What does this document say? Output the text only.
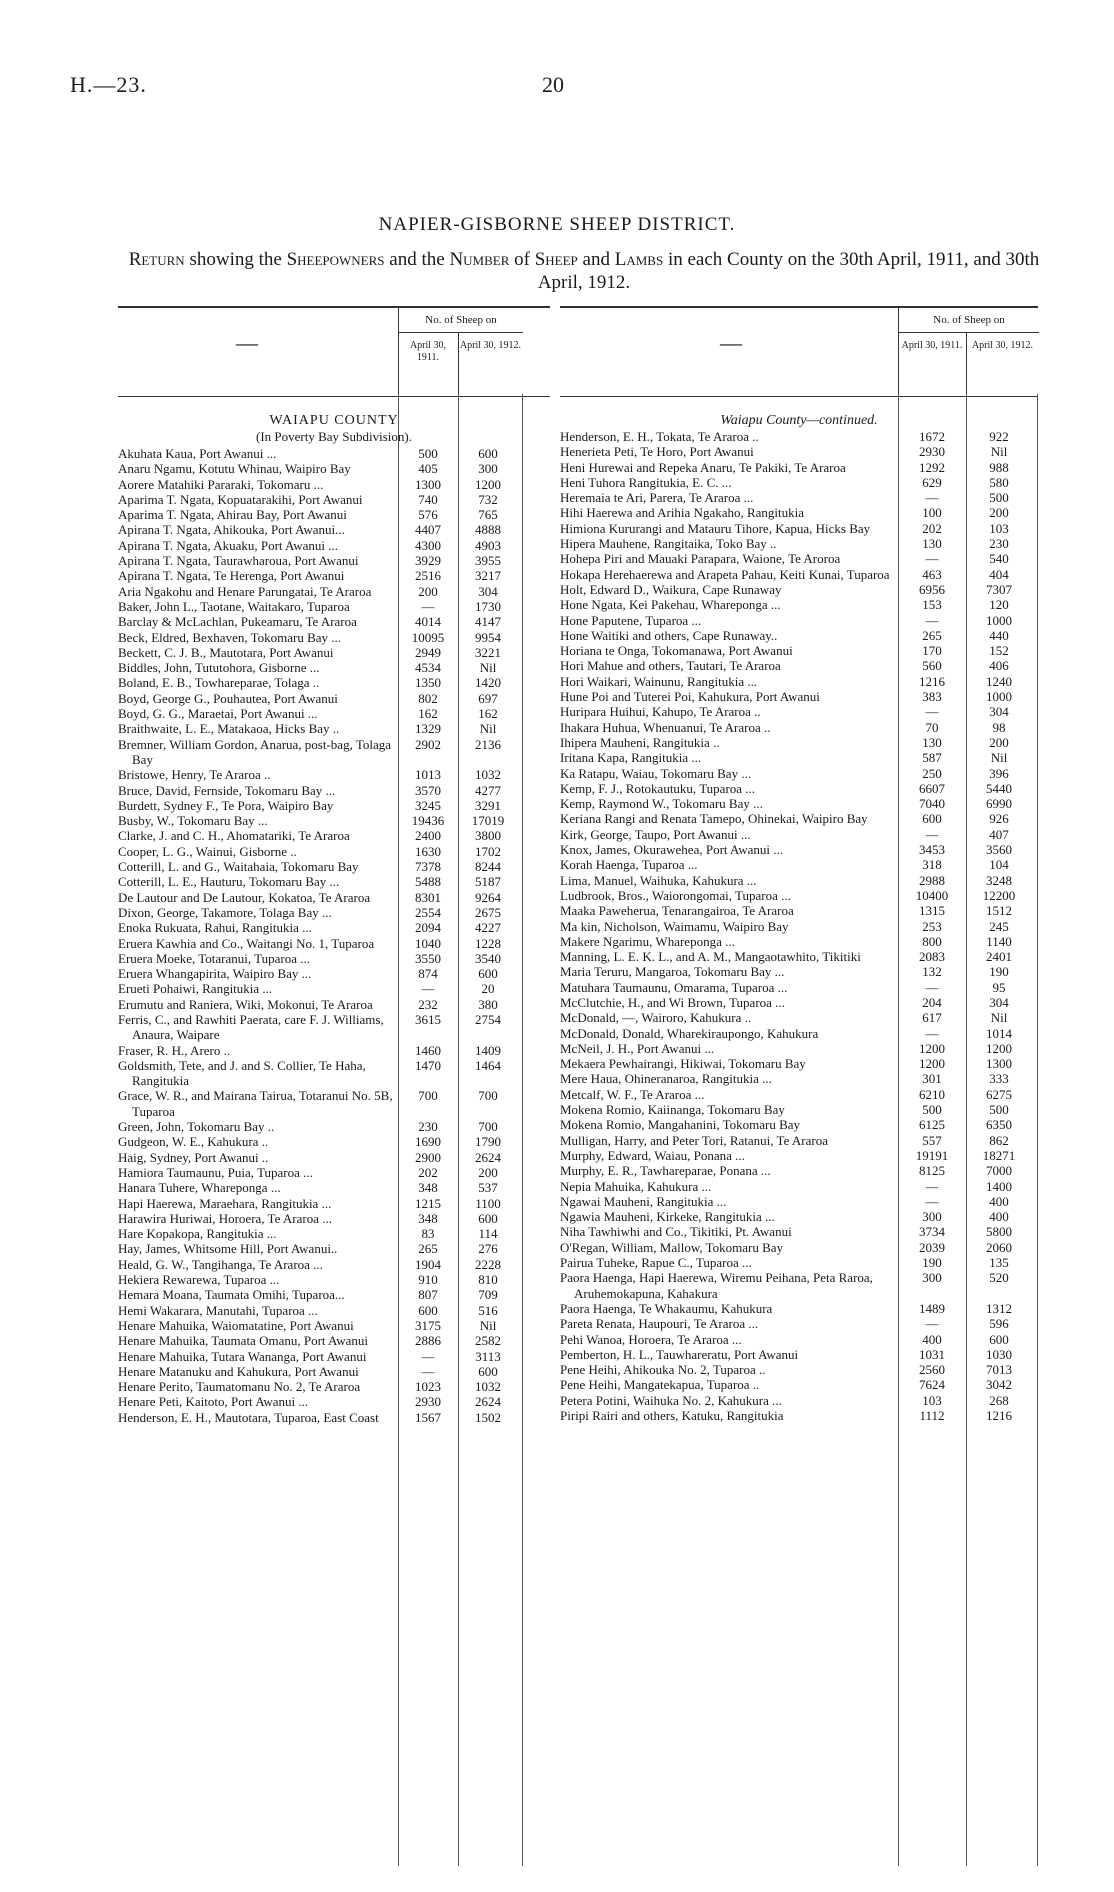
H.—23.	20
NAPIER-GISBORNE SHEEP DISTRICT.
Return showing the Sheepowners and the Number of Sheep and Lambs in each County on the 30th April, 1911, and 30th April, 1912.
—
No. of Sheep on
April 30, 1911.
April 30, 1912.
WAIAPU COUNTY
(In Poverty Bay Subdivision).
Akuhata Kaua, Port Awanui ...	500	600
Anaru Ngamu, Kotutu Whinau, Waipiro Bay	405	300
Aorere Matahiki Pararaki, Tokomaru ...	1300	1200
Aparima T. Ngata, Kopuatarakihi, Port Awanui	740	732
Aparima T. Ngata, Ahirau Bay, Port Awanui	576	765
Apirana T. Ngata, Ahikouka, Port Awanui...	4407	4888
Apirana T. Ngata, Akuaku, Port Awanui ...	4300	4903
Apirana T. Ngata, Taurawharoua, Port Awanui	3929	3955
Apirana T. Ngata, Te Herenga, Port Awanui	2516	3217
Aria Ngakohu and Henare Parungatai, Te Araroa	200	304
Baker, John L., Taotane, Waitakaro, Tuparoa	—	1730
Barclay & McLachlan, Pukeamaru, Te Araroa	4014	4147
Beck, Eldred, Bexhaven, Tokomaru Bay ...	10095	9954
Beckett, C. J. B., Mautotara, Port Awanui	2949	3221
Biddles, John, Tututohora, Gisborne ...	4534	Nil
Boland, E. B., Towhareparae, Tolaga ..	1350	1420
Boyd, George G., Pouhautea, Port Awanui	802	697
Boyd, G. G., Maraetai, Port Awanui ...	162	162
Braithwaite, L. E., Matakaoa, Hicks Bay ..	1329	Nil
Bremner, William Gordon, Anarua, post-bag, Tolaga Bay
2902	2136
Bristowe, Henry, Te Araroa ..	1013	1032
Bruce, David, Fernside, Tokomaru Bay ...	3570	4277
Burdett, Sydney F., Te Pora, Waipiro Bay	3245	3291
Busby, W., Tokomaru Bay ...	19436	17019
Clarke, J. and C. H., Ahomatariki, Te Araroa	2400	3800
Cooper, L. G., Wainui, Gisborne ..	1630	1702
Cotterill, L. and G., Waitahaia, Tokomaru Bay	7378	8244
Cotterill, L. E., Hauturu, Tokomaru Bay ...	5488	5187
De Lautour and De Lautour, Kokatoa, Te Araroa	8301	9264
Dixon, George, Takamore, Tolaga Bay ...	2554	2675
Enoka Rukuata, Rahui, Rangitukia ...	2094	4227
Eruera Kawhia and Co., Waitangi No. 1, Tuparoa	1040	1228
Eruera Moeke, Totaranui, Tuparoa ...	3550	3540
Eruera Whangapirita, Waipiro Bay ...	874	600
Erueti Pohaiwi, Rangitukia ...	—	20
Erumutu and Raniera, Wiki, Mokonui, Te Araroa	232	380
Ferris, C., and Rawhiti Paerata, care F. J. Williams, Anaura, Waipare
3615	2754
Fraser, R. H., Arero ..	1460	1409
Goldsmith, Tete, and J. and S. Collier, Te Haha, Rangitukia
1470	1464
Grace, W. R., and Mairana Tairua, Totaranui No. 5B, Tuparoa
700	700
Green, John, Tokomaru Bay ..	230	700
Gudgeon, W. E., Kahukura ..	1690	1790
Haig, Sydney, Port Awanui ..	2900	2624
Hamiora Taumaunu, Puia, Tuparoa ...	202	200
Hanara Tuhere, Whareponga ...	348	537
Hapi Haerewa, Maraehara, Rangitukia ...	1215	1100
Harawira Huriwai, Horoera, Te Araroa ...	348	600
Hare Kopakopa, Rangitukia ...	83	114
Hay, James, Whitsome Hill, Port Awanui..	265	276
Heald, G. W., Tangihanga, Te Araroa ...	1904	2228
Hekiera Rewarewa, Tuparoa ...	910	810
Hemara Moana, Taumata Omihi, Tuparoa...	807	709
Hemi Wakarara, Manutahi, Tuparoa ...	600	516
Henare Mahuika, Waiomatatine, Port Awanui	3175	Nil
Henare Mahuika, Taumata Omanu, Port Awanui	2886	2582
Henare Mahuika, Tutara Wananga, Port Awanui	—	3113
Henare Matanuku and Kahukura, Port Awanui	—	600
Henare Perito, Taumatomanu No. 2, Te Araroa	1023	1032
Henare Peti, Kaitoto, Port Awanui ...	2930	2624
Henderson, E. H., Mautotara, Tuparoa, East Coast	1567	1502
—
No. of Sheep on
April 30, 1911. April 30, 1912.
Waiapu County—continued.
Henderson, E. H., Tokata, Te Araroa ..	1672	922
Henerieta Peti, Te Horo, Port Awanui	2930	Nil
Heni Hurewai and Repeka Anaru, Te Pakiki, Te Araroa	1292	988
Heni Tuhora Rangitukia, E. C. ...	629	580
Heremaia te Ari, Parera, Te Araroa ...	—	500
Hihi Haerewa and Arihia Ngakaho, Rangitukia	100	200
Himiona Kururangi and Matauru Tihore, Kapua, Hicks Bay	202	103
Hipera Mauhene, Rangitaika, Toko Bay ..	130	230
Hohepa Piri and Mauaki Parapara, Waione, Te Aroroa	—	540
Hokapa Herehaerewa and Arapeta Pahau, Keiti Kunai, Tuparoa	463	404
Holt, Edward D., Waikura, Cape Runaway	6956	7307
Hone Ngata, Kei Pakehau, Whareponga ...	153	120
Hone Paputene, Tuparoa ...	—	1000
Hone Waitiki and others, Cape Runaway..	265	440
Horiana te Onga, Tokomanawa, Port Awanui	170	152
Hori Mahue and others, Tautari, Te Araroa	560	406
Hori Waikari, Wainunu, Rangitukia ...	1216	1240
Hune Poi and Tuterei Poi, Kahukura, Port Awanui	383	1000
Huripara Huihui, Kahupo, Te Araroa ..	—	304
Ihakara Huhua, Whenuanui, Te Araroa ..	70	98
Ihipera Mauheni, Rangitukia ..	130	200
Iritana Kapa, Rangitukia ...	587	Nil
Ka Ratapu, Waiau, Tokomaru Bay ...	250	396
Kemp, F. J., Rotokautuku, Tuparoa ...	6607	5440
Kemp, Raymond W., Tokomaru Bay ...	7040	6990
Keriana Rangi and Renata Tamepo, Ohinekai, Waipiro Bay	600	926
Kirk, George, Taupo, Port Awanui ...	—	407
Knox, James, Okurawehea, Port Awanui ...	3453	3560
Korah Haenga, Tuparoa ...	318	104
Lima, Manuel, Waihuka, Kahukura ...	2988	3248
Ludbrook, Bros., Waiorongomai, Tuparoa ...	10400	12200
Maaka Paweherua, Tenarangairoa, Te Araroa	1315	1512
Ma kin, Nicholson, Waimamu, Waipiro Bay	253	245
Makere Ngarimu, Whareponga ...	800	1140
Manning, L. E. K. L., and A. M., Mangaotawhito, Tikitiki	2083	2401
Maria Teruru, Mangaroa, Tokomaru Bay ...	132	190
Matuhara Taumaunu, Omarama, Tuparoa ...	—	95
McClutchie, H., and Wi Brown, Tuparoa ...	204	304
McDonald, —, Wairoro, Kahukura ..	617	Nil
McDonald, Donald, Wharekiraupongo, Kahukura	—	1014
McNeil, J. H., Port Awanui ...	1200	1200
Mekaera Pewhairangi, Hikiwai, Tokomaru Bay	1200	1300
Mere Haua, Ohineranaroa, Rangitukia ...	301	333
Metcalf, W. F., Te Araroa ...	6210	6275
Mokena Romio, Kaiinanga, Tokomaru Bay	500	500
Mokena Romio, Mangahanini, Tokomaru Bay	6125	6350
Mulligan, Harry, and Peter Tori, Ratanui, Te Araroa	557	862
Murphy, Edward, Waiau, Ponana ...	19191	18271
Murphy, E. R., Tawhareparae, Ponana ...	8125	7000
Nepia Mahuika, Kahukura ...	—	1400
Ngawai Mauheni, Rangitukia ...	—	400
Ngawia Mauheni, Kirkeke, Rangitukia ...	300	400
Niha Tawhiwhi and Co., Tikitiki, Pt. Awanui	3734	5800
O'Regan, William, Mallow, Tokomaru Bay	2039	2060
Pairua Tuheke, Rapue C., Tuparoa ...	190	135
Paora Haenga, Hapi Haerewa, Wiremu Peihana, Peta Raroa, Aruhemokapuna, Kahakura
300	520
Paora Haenga, Te Whakaumu, Kahukura	1489	1312
Pareta Renata, Haupouri, Te Araroa ...	—	596
Pehi Wanoa, Horoera, Te Araroa ...	400	600
Pemberton, H. L., Tauwhareratu, Port Awanui	1031	1030
Pene Heihi, Ahikouka No. 2, Tuparoa ..	2560	7013
Pene Heihi, Mangatekapua, Tuparoa ..	7624	3042
Petera Potini, Waihuka No. 2, Kahukura ...	103	268
Piripi Rairi and others, Katuku, Rangitukia	1112	1216
